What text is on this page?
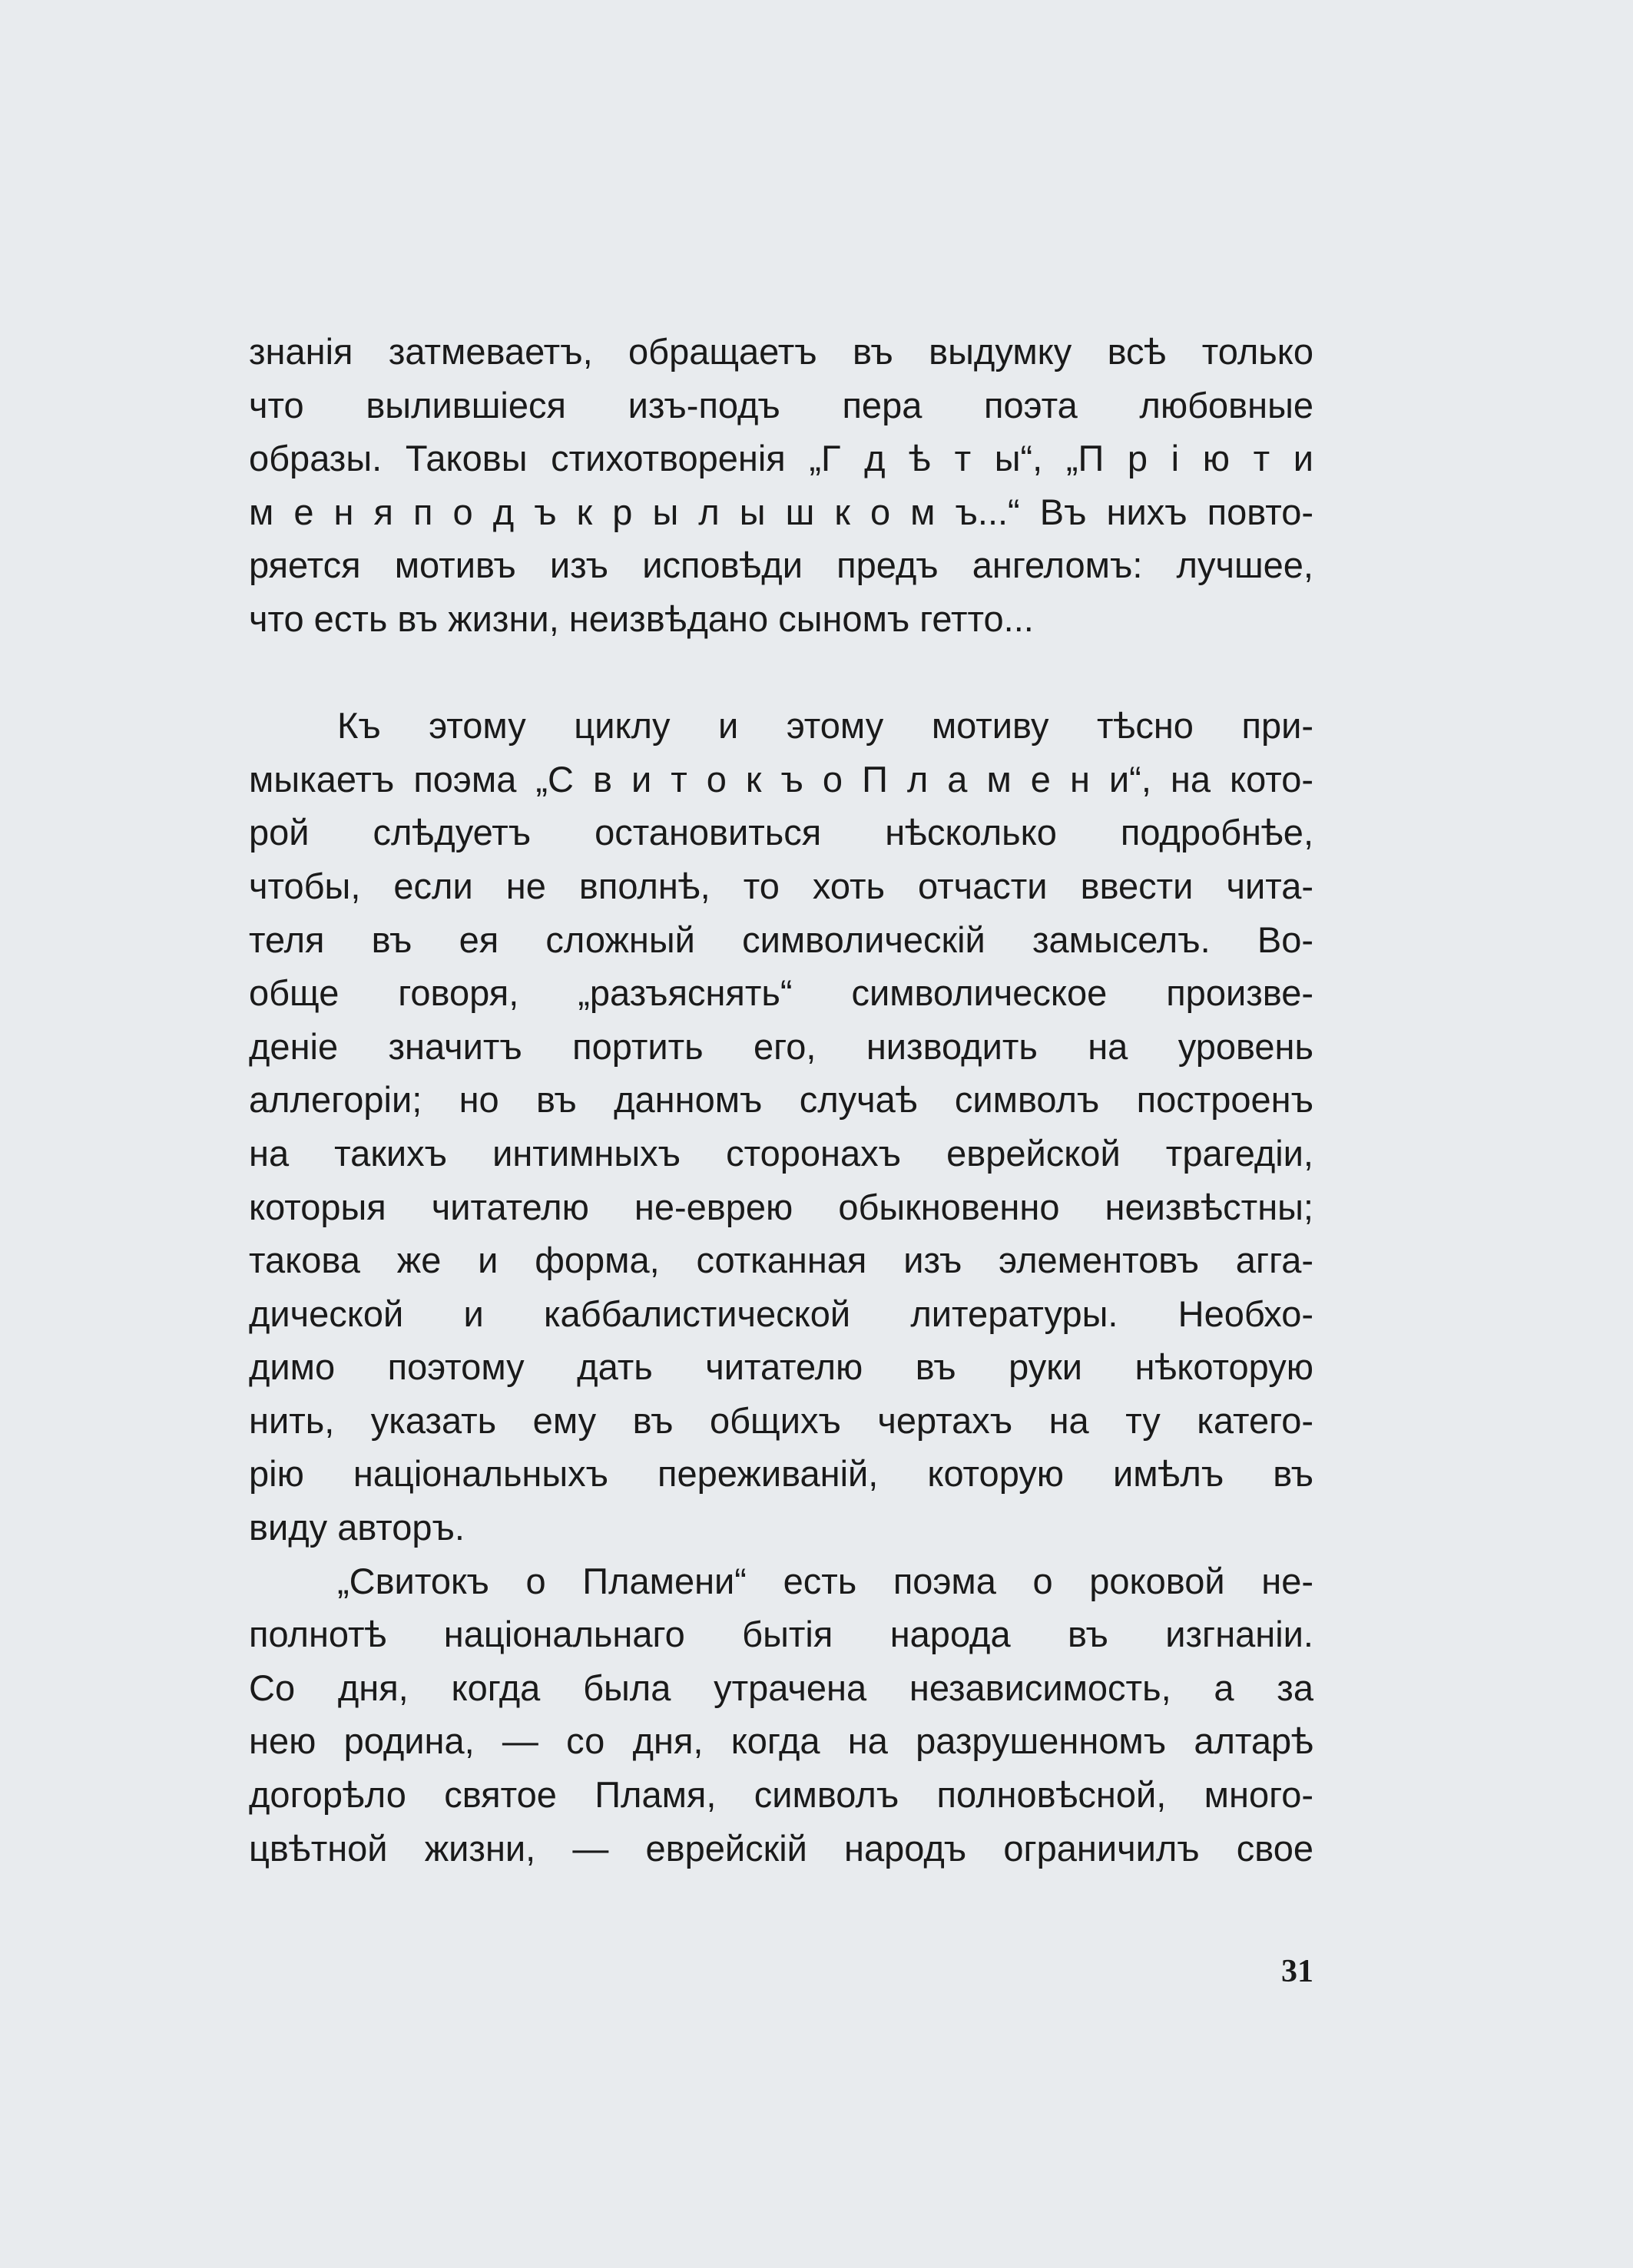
знанія затмеваетъ, обращаетъ въ выдумку всѣ только
что вылившіеся изъ-подъ пера поэта любовные
образы. Таковы стихотворенія „Г д ѣ т ы“, „П р і ю т и
м е н я п о д ъ к р ы л ы ш к о м ъ...“ Въ нихъ повто-
ряется мотивъ изъ исповѣди предъ ангеломъ: лучшее,
что есть въ жизни, неизвѣдано сыномъ гетто...
Къ этому циклу и этому мотиву тѣсно при-
мыкаетъ поэма „С в и т о к ъ о П л а м е н и“, на кото-
рой слѣдуетъ остановиться нѣсколько подробнѣе,
чтобы, если не вполнѣ, то хоть отчасти ввести чита-
теля въ ея сложный символическій замыселъ. Во-
обще говоря, „разъяснять“ символическое произве-
деніе значитъ портить его, низводить на уровень
аллегоріи; но въ данномъ случаѣ символъ построенъ
на такихъ интимныхъ сторонахъ еврейской трагедіи,
которыя читателю не-еврею обыкновенно неизвѣстны;
такова же и форма, сотканная изъ элементовъ агга-
дической и каббалистической литературы. Необхо-
димо поэтому дать читателю въ руки нѣкоторую
нить, указать ему въ общихъ чертахъ на ту катего-
рію національныхъ переживаній, которую имѣлъ въ
виду авторъ.
„Свитокъ о Пламени“ есть поэма о роковой не-
полнотѣ національнаго бытія народа въ изгнаніи.
Со дня, когда была утрачена независимость, а за
нею родина, — со дня, когда на разрушенномъ алтарѣ
догорѣло святое Пламя, символъ полновѣсной, много-
цвѣтной жизни, — еврейскій народъ ограничилъ свое
31
